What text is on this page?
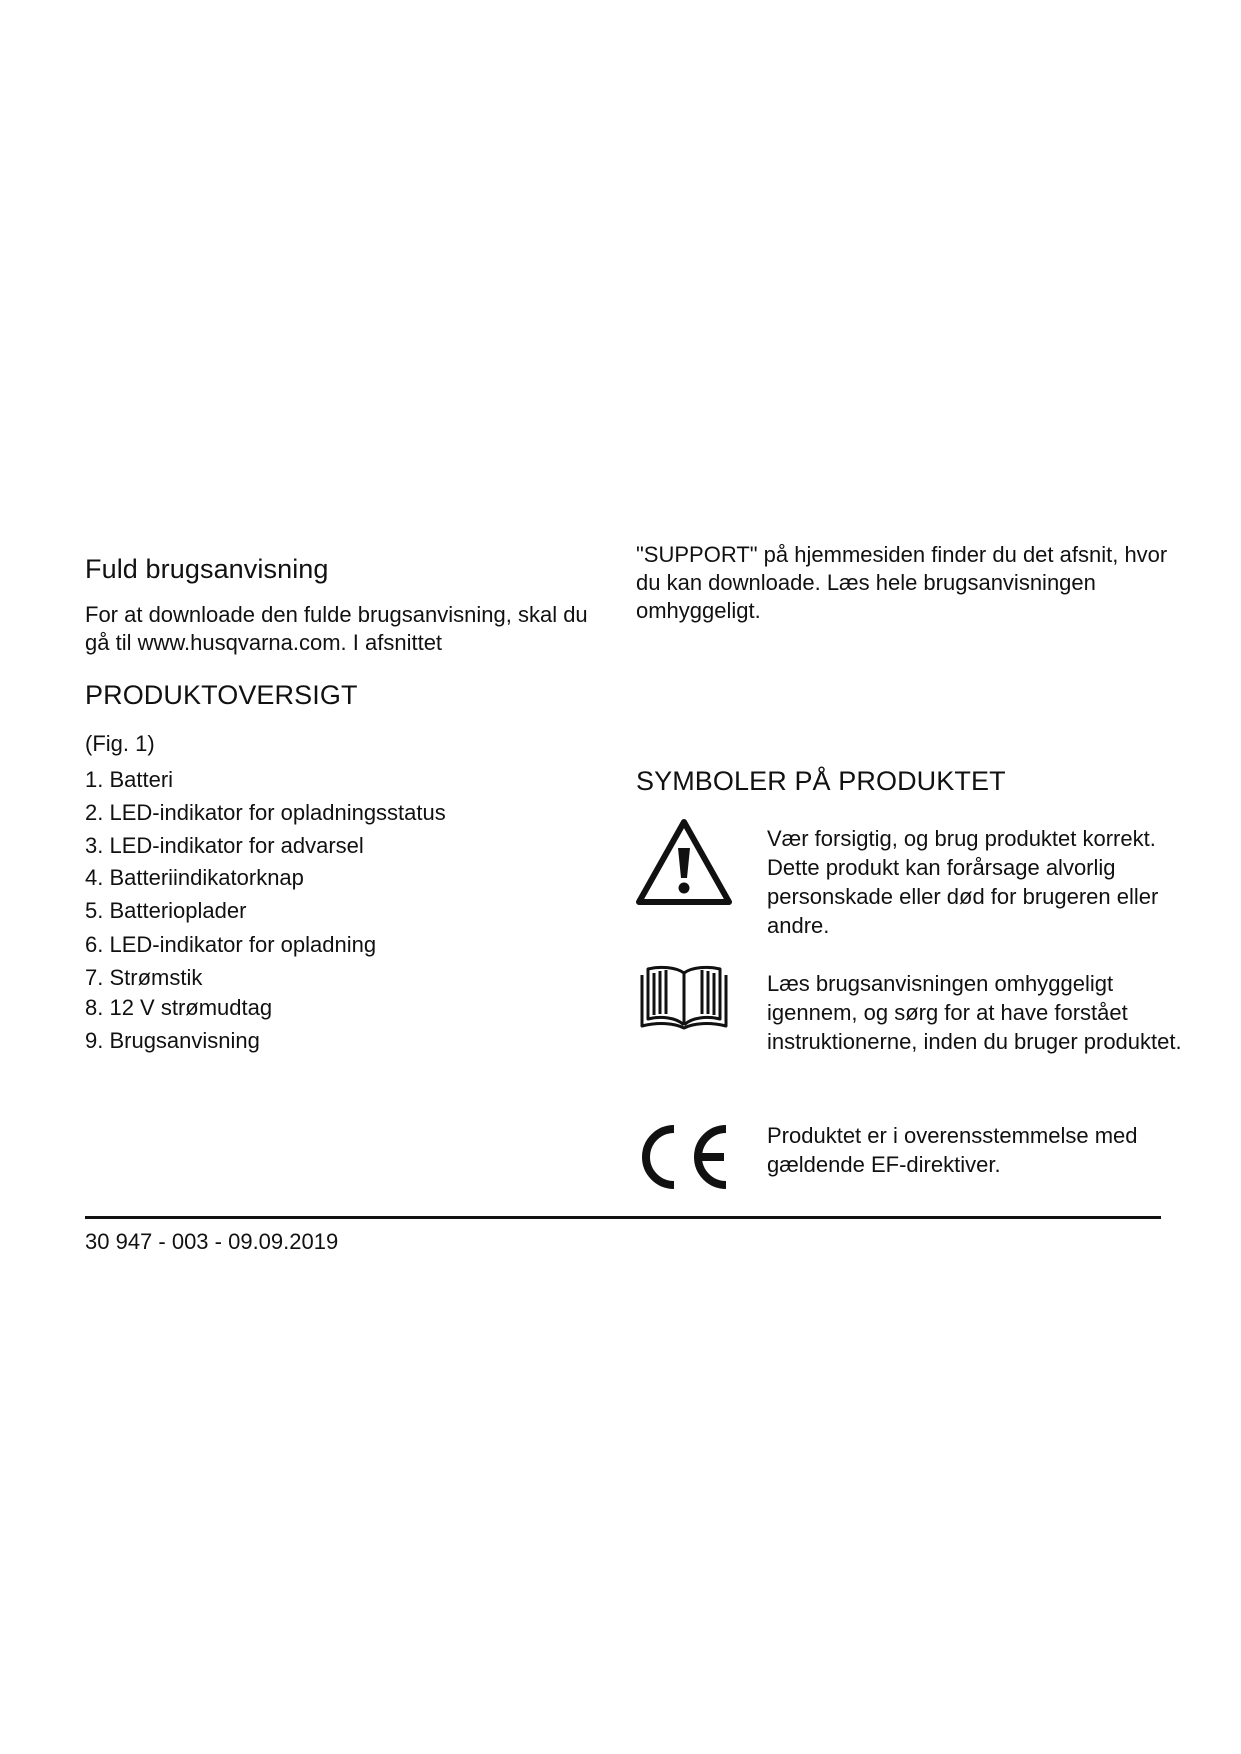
Fuld brugsanvisning
For at downloade den fulde brugsanvisning, skal du gå til www.husqvarna.com. I afsnittet
PRODUKTOVERSIGT
(Fig. 1)
1. Batteri
2. LED-indikator for opladningsstatus
3. LED-indikator for advarsel
4. Batteriindikatorknap
5. Batterioplader
6. LED-indikator for opladning
7. Strømstik
8. 12 V strømudtag
9. Brugsanvisning
"SUPPORT" på hjemmesiden finder du det afsnit, hvor du kan downloade. Læs hele brugsanvisningen omhyggeligt.
SYMBOLER PÅ PRODUKTET
Vær forsigtig, og brug produktet korrekt. Dette produkt kan forårsage alvorlig personskade eller død for brugeren eller andre.
Læs brugsanvisningen omhyggeligt igennem, og sørg for at have forstået instruktionerne, inden du bruger produktet.
Produktet er i overensstemmelse med gældende EF-direktiver.
30 947 - 003 - 09.09.2019
